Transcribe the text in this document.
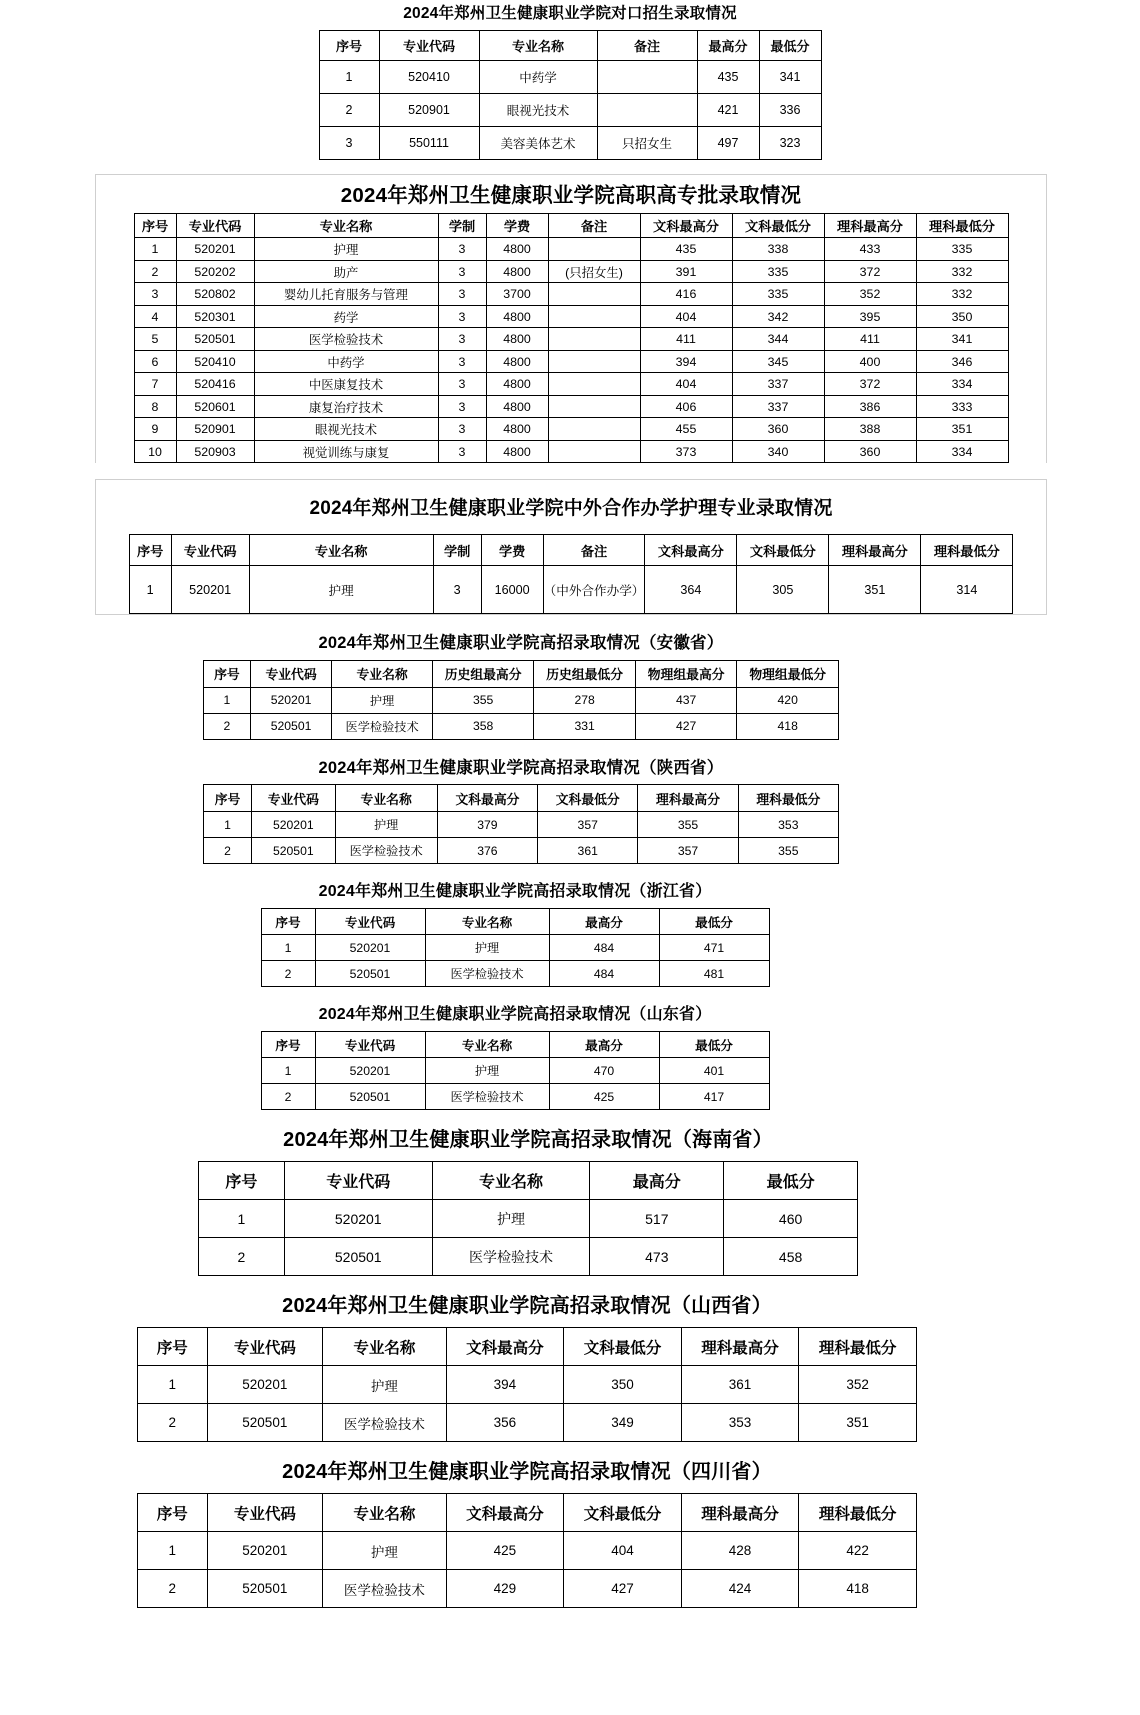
2024年郑州卫生健康职业学院对口招生录取情况
序号	专业代码	专业名称	备注	最高分	最低分
1	520410	中药学		435	341
2	520901	眼视光技术		421	336
3	550111	美容美体艺术	只招女生	497	323
2024年郑州卫生健康职业学院高职高专批录取情况
序号	专业代码	专业名称	学制	学费	备注	文科最高分	文科最低分	理科最高分	理科最低分
1	520201	护理	3	4800		435	338	433	335
2	520202	助产	3	4800	(只招女生)	391	335	372	332
3	520802	婴幼儿托育服务与管理	3	3700		416	335	352	332
4	520301	药学	3	4800		404	342	395	350
5	520501	医学检验技术	3	4800		411	344	411	341
6	520410	中药学	3	4800		394	345	400	346
7	520416	中医康复技术	3	4800		404	337	372	334
8	520601	康复治疗技术	3	4800		406	337	386	333
9	520901	眼视光技术	3	4800		455	360	388	351
10	520903	视觉训练与康复	3	4800		373	340	360	334
2024年郑州卫生健康职业学院中外合作办学护理专业录取情况
序号	专业代码	专业名称	学制	学费	备注	文科最高分	文科最低分	理科最高分	理科最低分
1	520201	护理	3	16000	（中外合作办学）	364	305	351	314
2024年郑州卫生健康职业学院高招录取情况（安徽省）
序号	专业代码	专业名称	历史组最高分	历史组最低分	物理组最高分	物理组最低分
1	520201	护理	355	278	437	420
2	520501	医学检验技术	358	331	427	418
2024年郑州卫生健康职业学院高招录取情况（陕西省）
序号	专业代码	专业名称	文科最高分	文科最低分	理科最高分	理科最低分
1	520201	护理	379	357	355	353
2	520501	医学检验技术	376	361	357	355
2024年郑州卫生健康职业学院高招录取情况（浙江省）
序号	专业代码	专业名称	最高分	最低分
1	520201	护理	484	471
2	520501	医学检验技术	484	481
2024年郑州卫生健康职业学院高招录取情况（山东省）
序号	专业代码	专业名称	最高分	最低分
1	520201	护理	470	401
2	520501	医学检验技术	425	417
2024年郑州卫生健康职业学院高招录取情况（海南省）
序号	专业代码	专业名称	最高分	最低分
1	520201	护理	517	460
2	520501	医学检验技术	473	458
2024年郑州卫生健康职业学院高招录取情况（山西省）
序号	专业代码	专业名称	文科最高分	文科最低分	理科最高分	理科最低分
1	520201	护理	394	350	361	352
2	520501	医学检验技术	356	349	353	351
2024年郑州卫生健康职业学院高招录取情况（四川省）
序号	专业代码	专业名称	文科最高分	文科最低分	理科最高分	理科最低分
1	520201	护理	425	404	428	422
2	520501	医学检验技术	429	427	424	418
